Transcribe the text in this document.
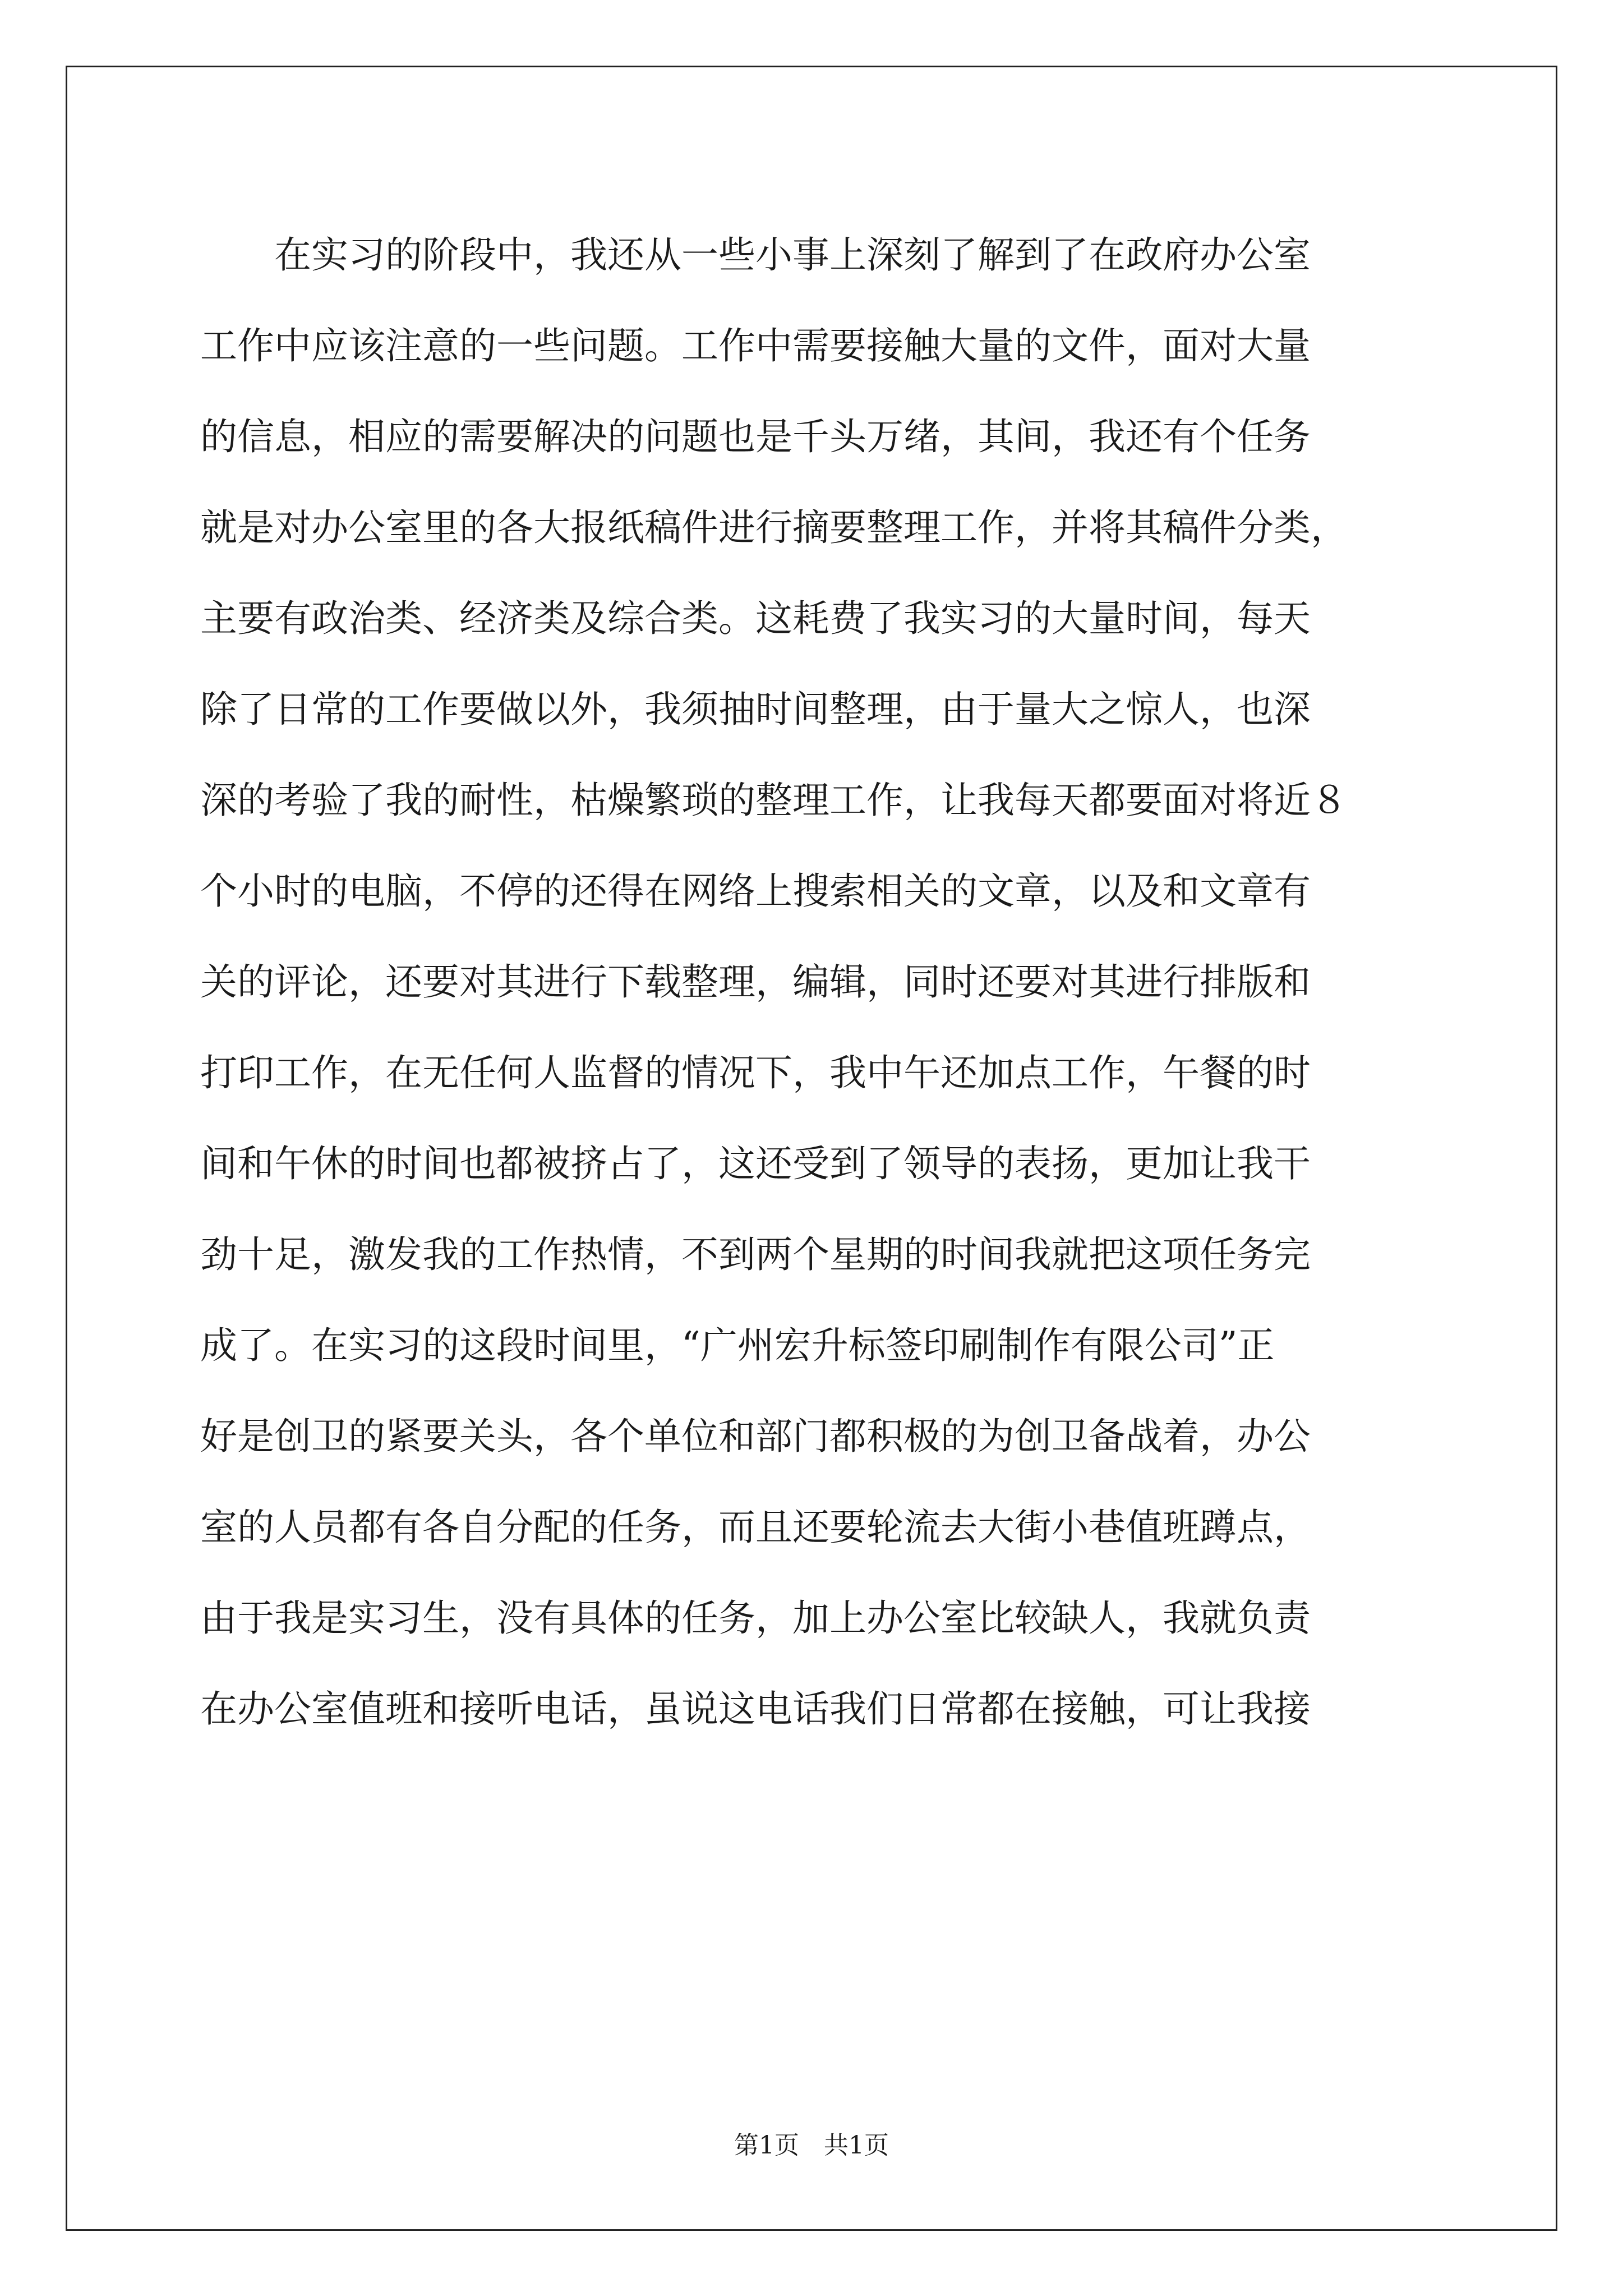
　　在实习的阶段中，我还从一些小事上深刻了解到了在政府办公室
工作中应该注意的一些问题。工作中需要接触大量的文件，面对大量
的信息，相应的需要解决的问题也是千头万绪，其间，我还有个任务
就是对办公室里的各大报纸稿件进行摘要整理工作，并将其稿件分类，
主要有政治类、经济类及综合类。这耗费了我实习的大量时间，每天
除了日常的工作要做以外，我须抽时间整理，由于量大之惊人，也深
深的考验了我的耐性，枯燥繁琐的整理工作，让我每天都要面对将近８
个小时的电脑，不停的还得在网络上搜索相关的文章，以及和文章有
关的评论，还要对其进行下载整理，编辑，同时还要对其进行排版和
打印工作，在无任何人监督的情况下，我中午还加点工作，午餐的时
间和午休的时间也都被挤占了，这还受到了领导的表扬，更加让我干
劲十足，激发我的工作热情，不到两个星期的时间我就把这项任务完
成了。在实习的这段时间里，“广州宏升标签印刷制作有限公司”正
好是创卫的紧要关头，各个单位和部门都积极的为创卫备战着，办公
室的人员都有各自分配的任务，而且还要轮流去大街小巷值班蹲点，
由于我是实习生，没有具体的任务，加上办公室比较缺人，我就负责
在办公室值班和接听电话，虽说这电话我们日常都在接触，可让我接
第1页　共1页
